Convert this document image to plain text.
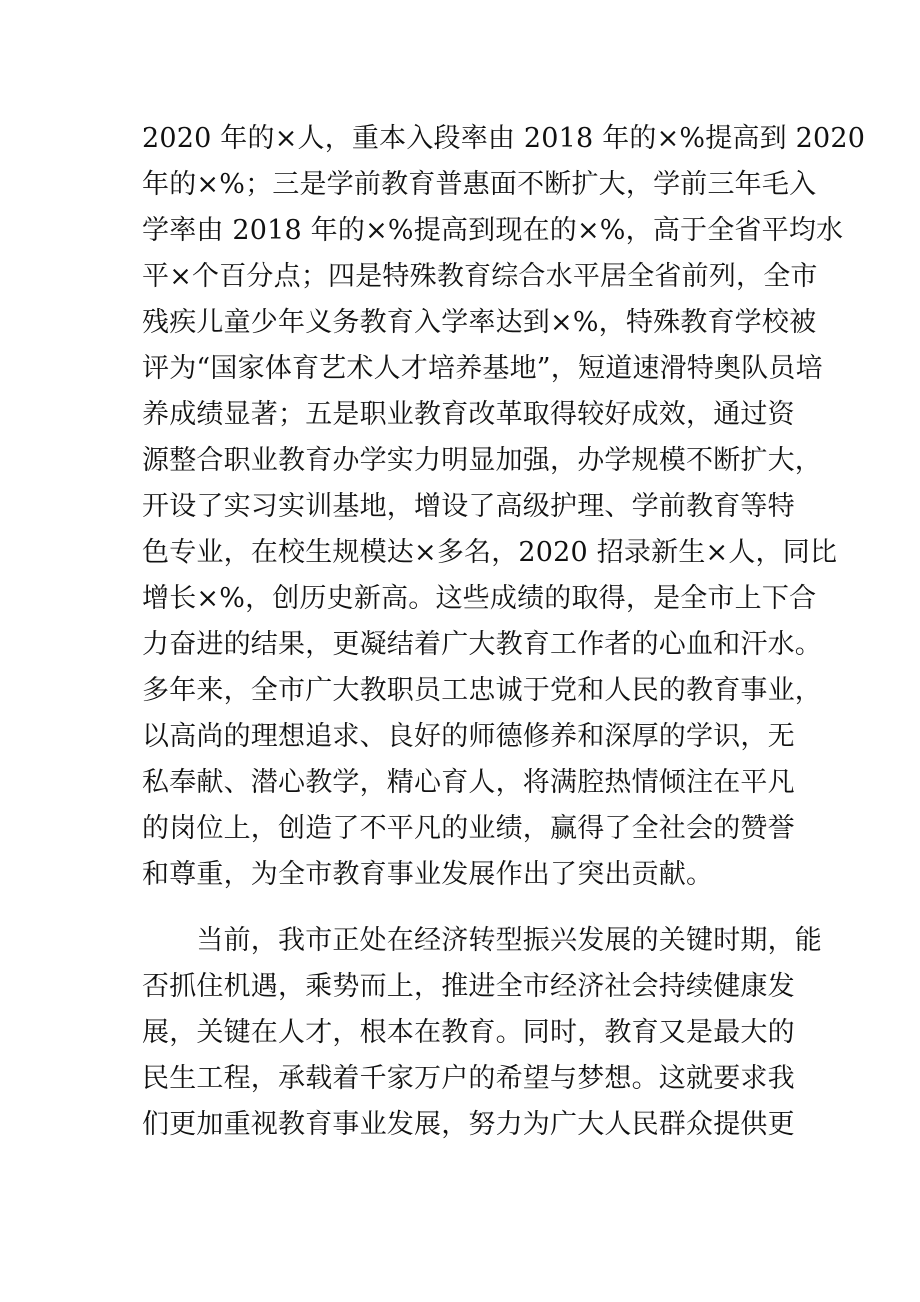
2020 年的×人，重本入段率由 2018 年的×%提高到 2020
年的×%；三是学前教育普惠面不断扩大，学前三年毛入
学率由 2018 年的×%提高到现在的×%，高于全省平均水
平×个百分点；四是特殊教育综合水平居全省前列，全市
残疾儿童少年义务教育入学率达到×%，特殊教育学校被
评为“国家体育艺术人才培养基地”，短道速滑特奥队员培
养成绩显著；五是职业教育改革取得较好成效，通过资
源整合职业教育办学实力明显加强，办学规模不断扩大，
开设了实习实训基地，增设了高级护理、学前教育等特
色专业，在校生规模达×多名，2020 招录新生×人，同比
增长×%，创历史新高。这些成绩的取得，是全市上下合
力奋进的结果，更凝结着广大教育工作者的心血和汗水。
多年来，全市广大教职员工忠诚于党和人民的教育事业，
以高尚的理想追求、良好的师德修养和深厚的学识，无
私奉献、潜心教学，精心育人，将满腔热情倾注在平凡
的岗位上，创造了不平凡的业绩，赢得了全社会的赞誉
和尊重，为全市教育事业发展作出了突出贡献。
　　当前，我市正处在经济转型振兴发展的关键时期，能
否抓住机遇，乘势而上，推进全市经济社会持续健康发
展，关键在人才，根本在教育。同时，教育又是最大的
民生工程，承载着千家万户的希望与梦想。这就要求我
们更加重视教育事业发展，努力为广大人民群众提供更
